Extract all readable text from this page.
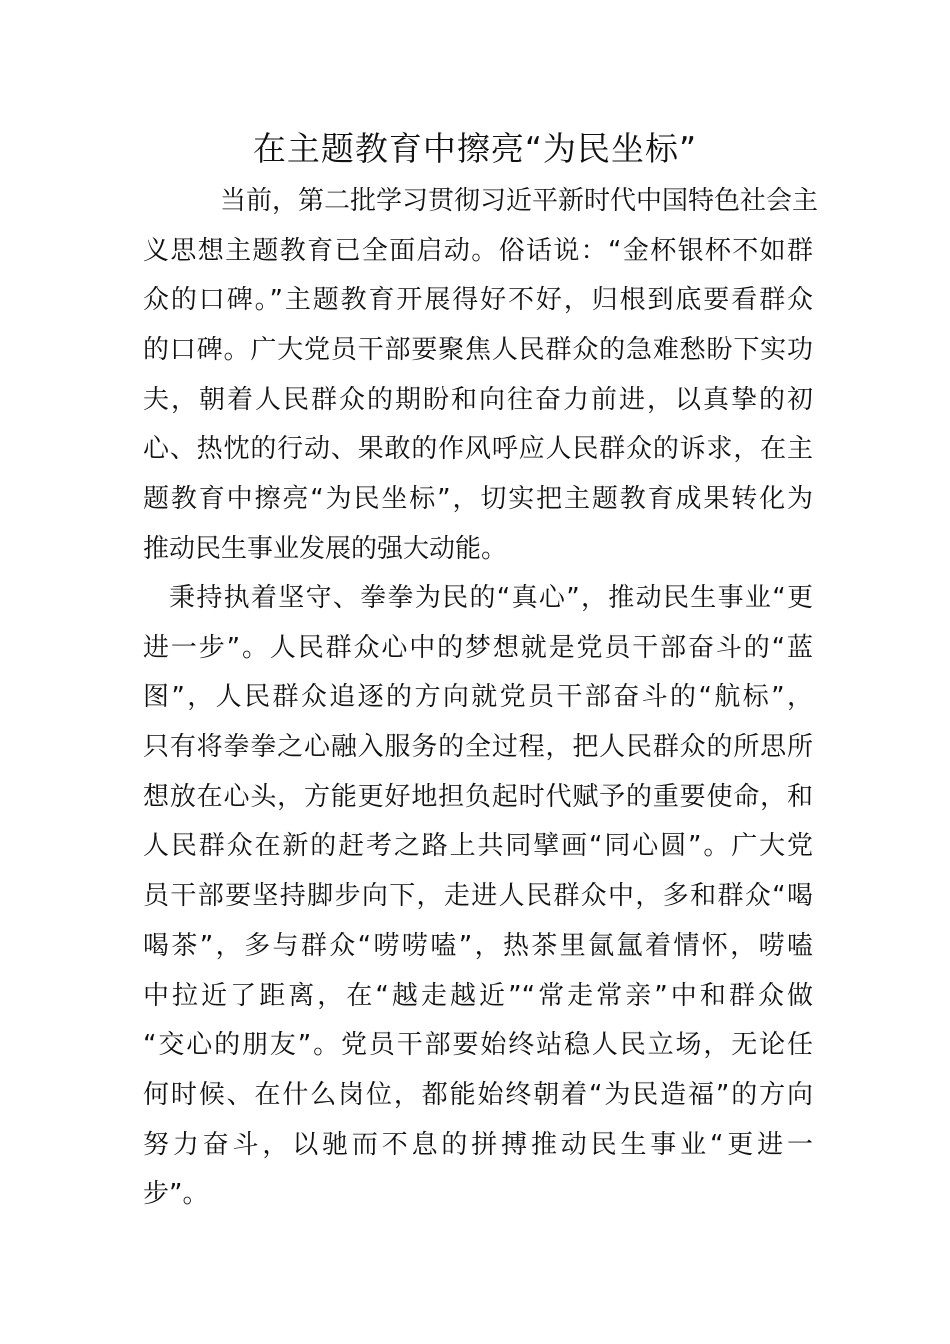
在主题教育中擦亮“为民坐标”
当前，第二批学习贯彻习近平新时代中国特色社会主
义思想主题教育已全面启动。俗话说：“金杯银杯不如群
众的口碑。”主题教育开展得好不好，归根到底要看群众
的口碑。广大党员干部要聚焦人民群众的急难愁盼下实功
夫，朝着人民群众的期盼和向往奋力前进，以真挚的初
心、热忱的行动、果敢的作风呼应人民群众的诉求，在主
题教育中擦亮“为民坐标”，切实把主题教育成果转化为
推动民生事业发展的强大动能。
秉持执着坚守、拳拳为民的“真心”，推动民生事业“更
进一步”。人民群众心中的梦想就是党员干部奋斗的“蓝
图”，人民群众追逐的方向就党员干部奋斗的“航标”，
只有将拳拳之心融入服务的全过程，把人民群众的所思所
想放在心头，方能更好地担负起时代赋予的重要使命，和
人民群众在新的赶考之路上共同擘画“同心圆”。广大党
员干部要坚持脚步向下，走进人民群众中，多和群众“喝
喝茶”，多与群众“唠唠嗑”，热茶里氤氲着情怀，唠嗑
中拉近了距离，在“越走越近”“常走常亲”中和群众做
“交心的朋友”。党员干部要始终站稳人民立场，无论任
何时候、在什么岗位，都能始终朝着“为民造福”的方向
努力奋斗，以驰而不息的拼搏推动民生事业“更进一
步”。
